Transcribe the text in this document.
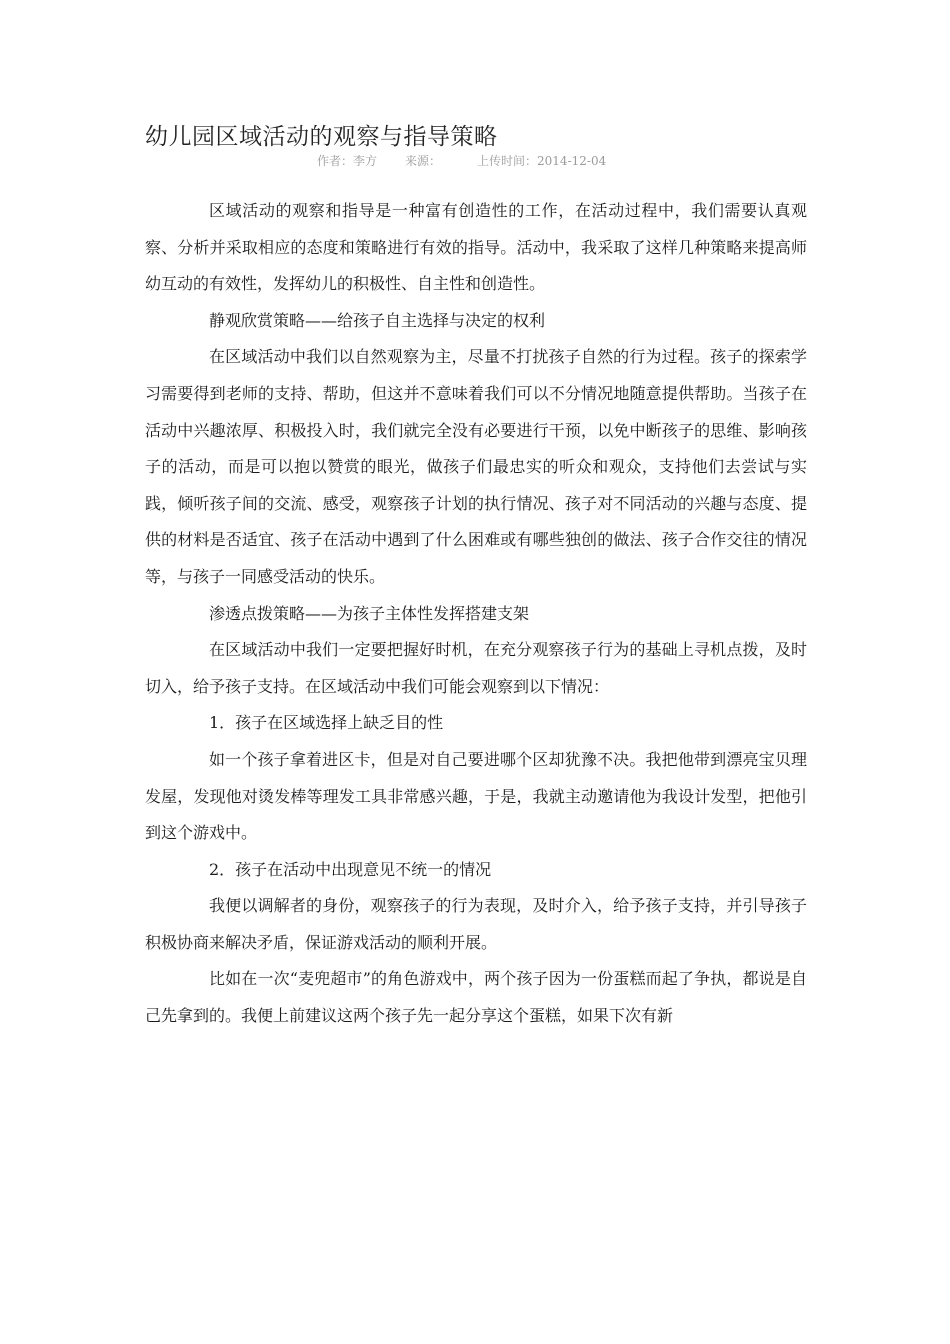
幼儿园区域活动的观察与指导策略
作者：李方 来源：	上传时间：2014-12-04

区域活动的观察和指导是一种富有创造性的工作，在活动过程中，我们需要认真观察、分析并采取相应的态度和策略进行有效的指导。活动中，我采取了这样几种策略来提高师幼互动的有效性，发挥幼儿的积极性、自主性和创造性。

静观欣赏策略——给孩子自主选择与决定的权利

在区域活动中我们以自然观察为主，尽量不打扰孩子自然的行为过程。孩子的探索学习需要得到老师的支持、帮助，但这并不意味着我们可以不分情况地随意提供帮助。当孩子在活动中兴趣浓厚、积极投入时，我们就完全没有必要进行干预，以免中断孩子的思维、影响孩子的活动，而是可以抱以赞赏的眼光，做孩子们最忠实的听众和观众，支持他们去尝试与实践，倾听孩子间的交流、感受，观察孩子计划的执行情况、孩子对不同活动的兴趣与态度、提供的材料是否适宜、孩子在活动中遇到了什么困难或有哪些独创的做法、孩子合作交往的情况等，与孩子一同感受活动的快乐。

渗透点拨策略——为孩子主体性发挥搭建支架

在区域活动中我们一定要把握好时机，在充分观察孩子行为的基础上寻机点拨，及时切入，给予孩子支持。在区域活动中我们可能会观察到以下情况：

1．孩子在区域选择上缺乏目的性

如一个孩子拿着进区卡，但是对自己要进哪个区却犹豫不决。我把他带到漂亮宝贝理发屋，发现他对烫发棒等理发工具非常感兴趣，于是，我就主动邀请他为我设计发型，把他引到这个游戏中。

2．孩子在活动中出现意见不统一的情况

我便以调解者的身份，观察孩子的行为表现，及时介入，给予孩子支持，并引导孩子积极协商来解决矛盾，保证游戏活动的顺利开展。

比如在一次“麦兜超市”的角色游戏中，两个孩子因为一份蛋糕而起了争执，都说是自己先拿到的。我便上前建议这两个孩子先一起分享这个蛋糕，如果下次有新
